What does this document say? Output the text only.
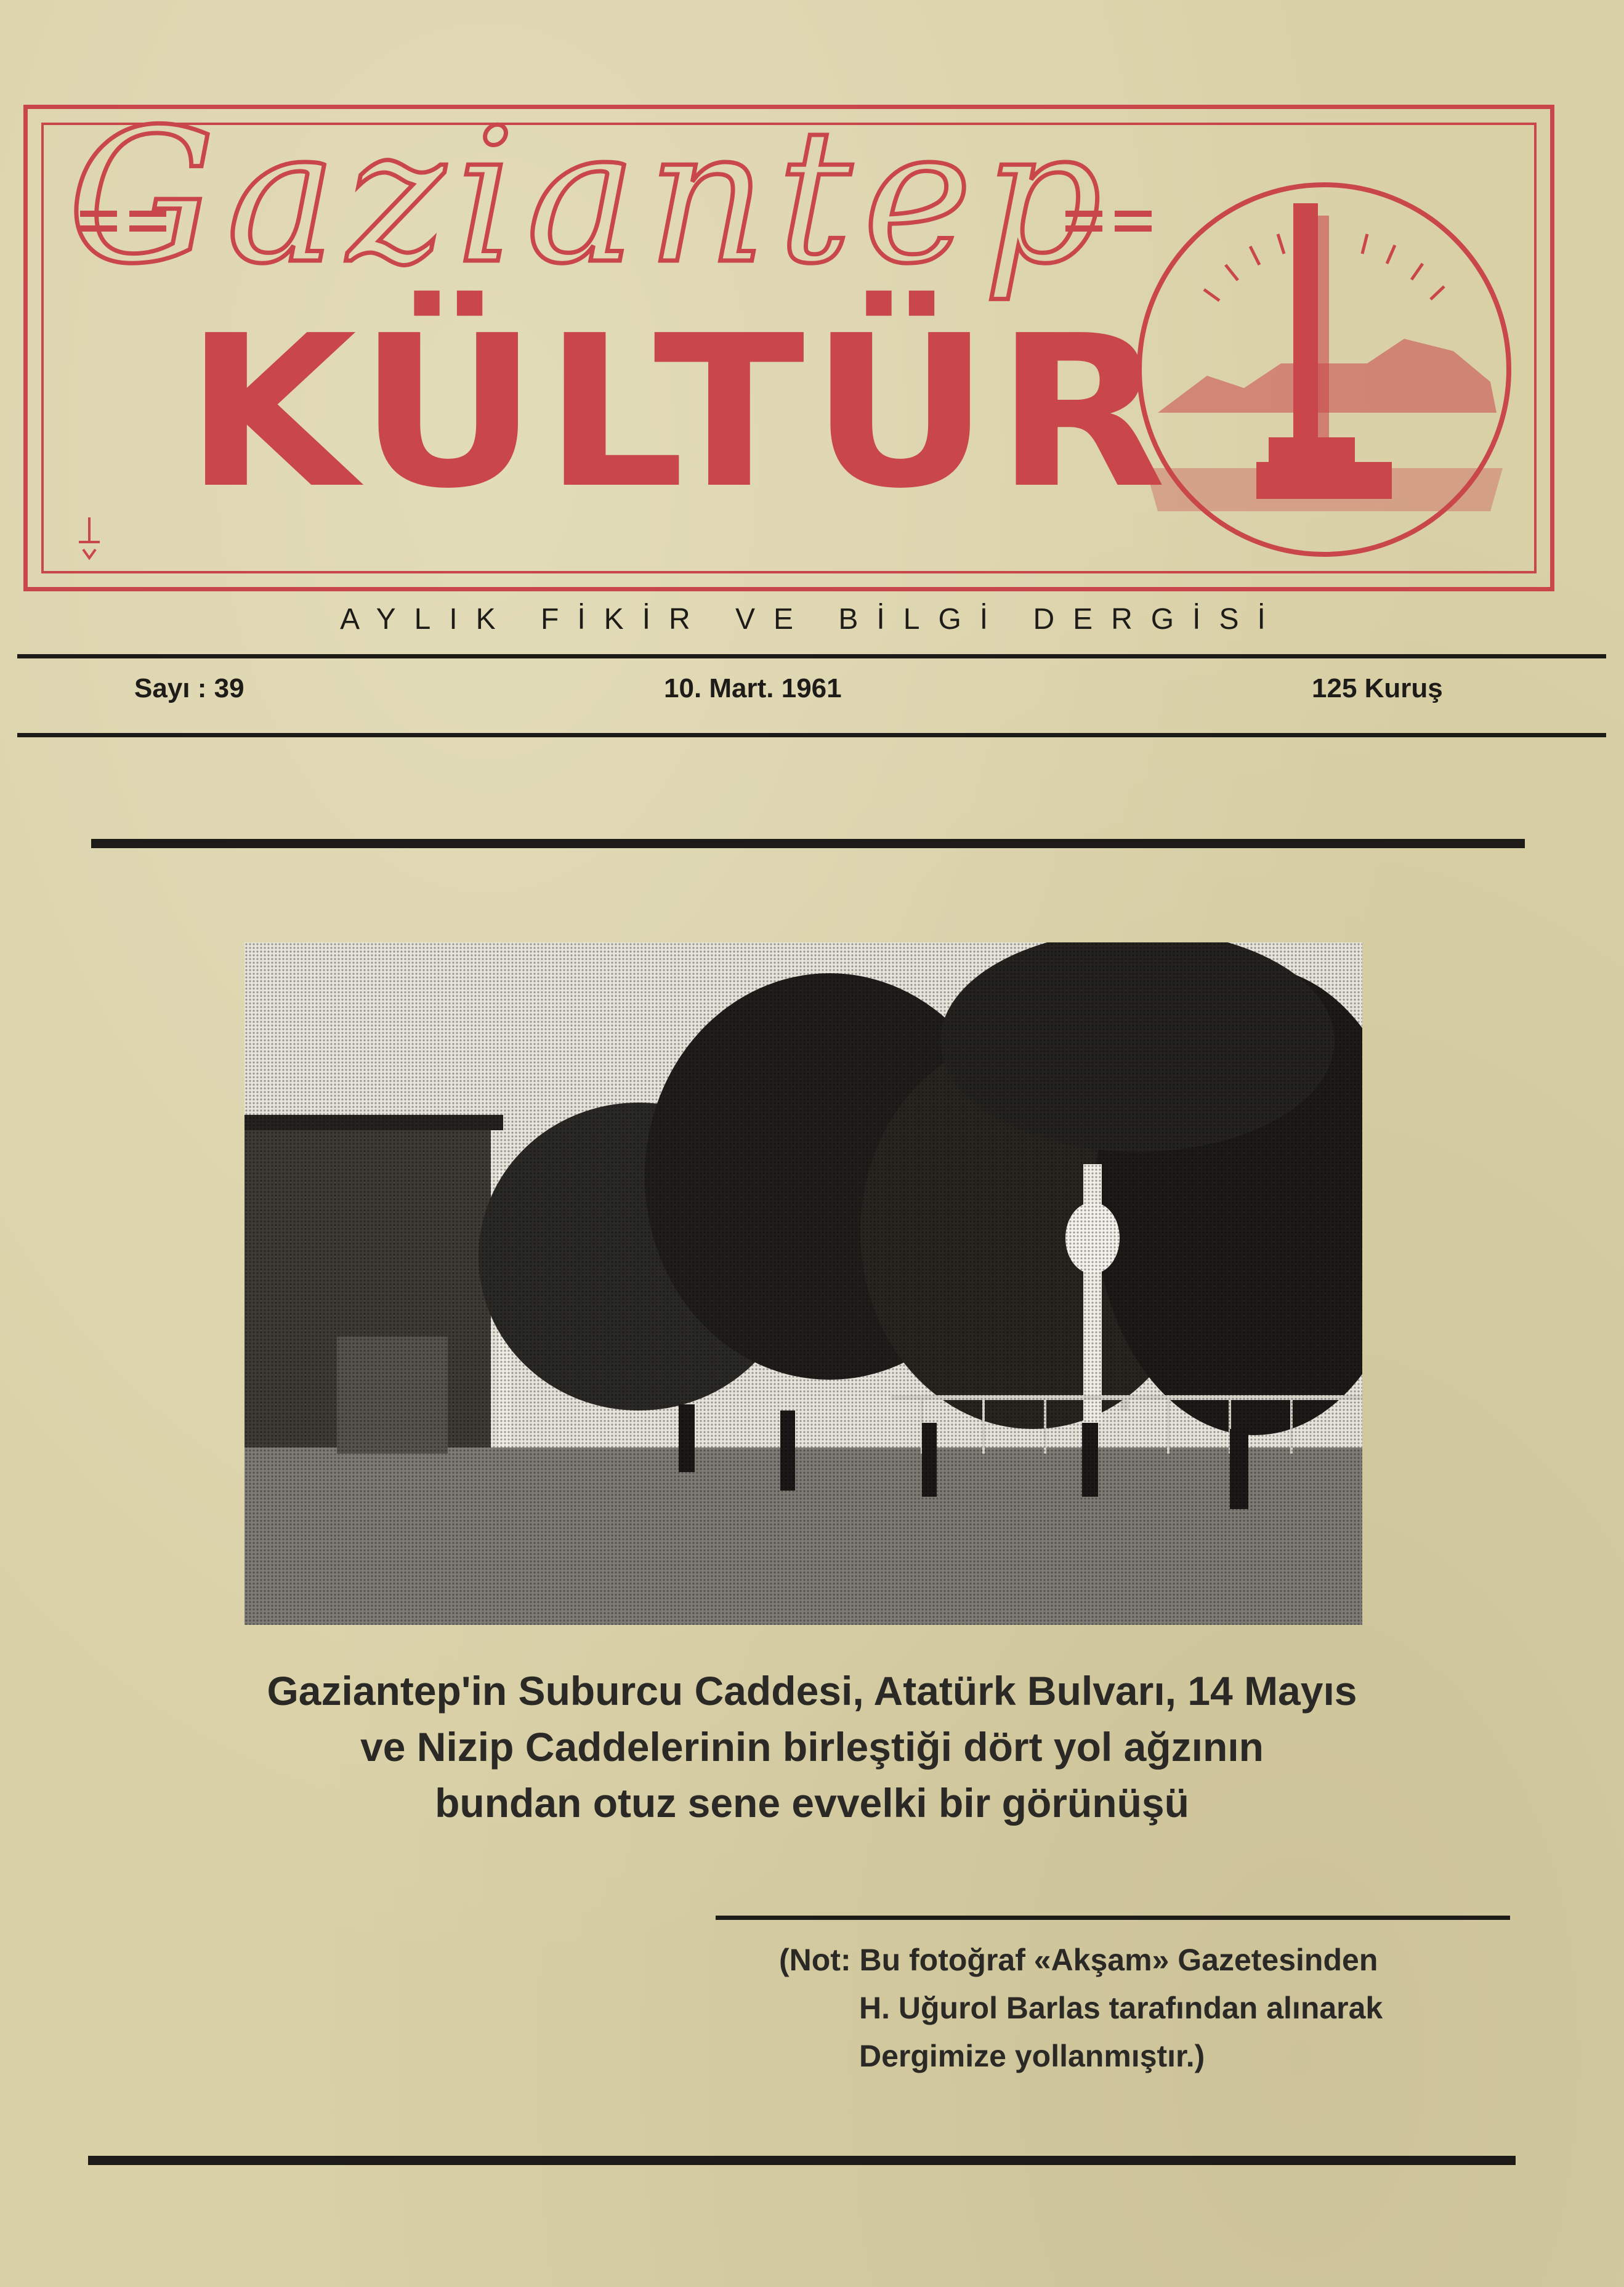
Gaziantep
KÜLTÜR
AYLIK FİKİR VE BİLGİ DERGİSİ
Sayı : 39	10. Mart. 1961	125 Kuruş
Gaziantep'in Suburcu Caddesi, Atatürk Bulvarı, 14 Mayıs
ve Nizip Caddelerinin birleştiği dört yol ağzının
bundan otuz sene evvelki bir görünüşü
(Not: Bu fotoğraf «Akşam» Gazetesinden
H. Uğurol Barlas tarafından alınarak
Dergimize yollanmıştır.)
